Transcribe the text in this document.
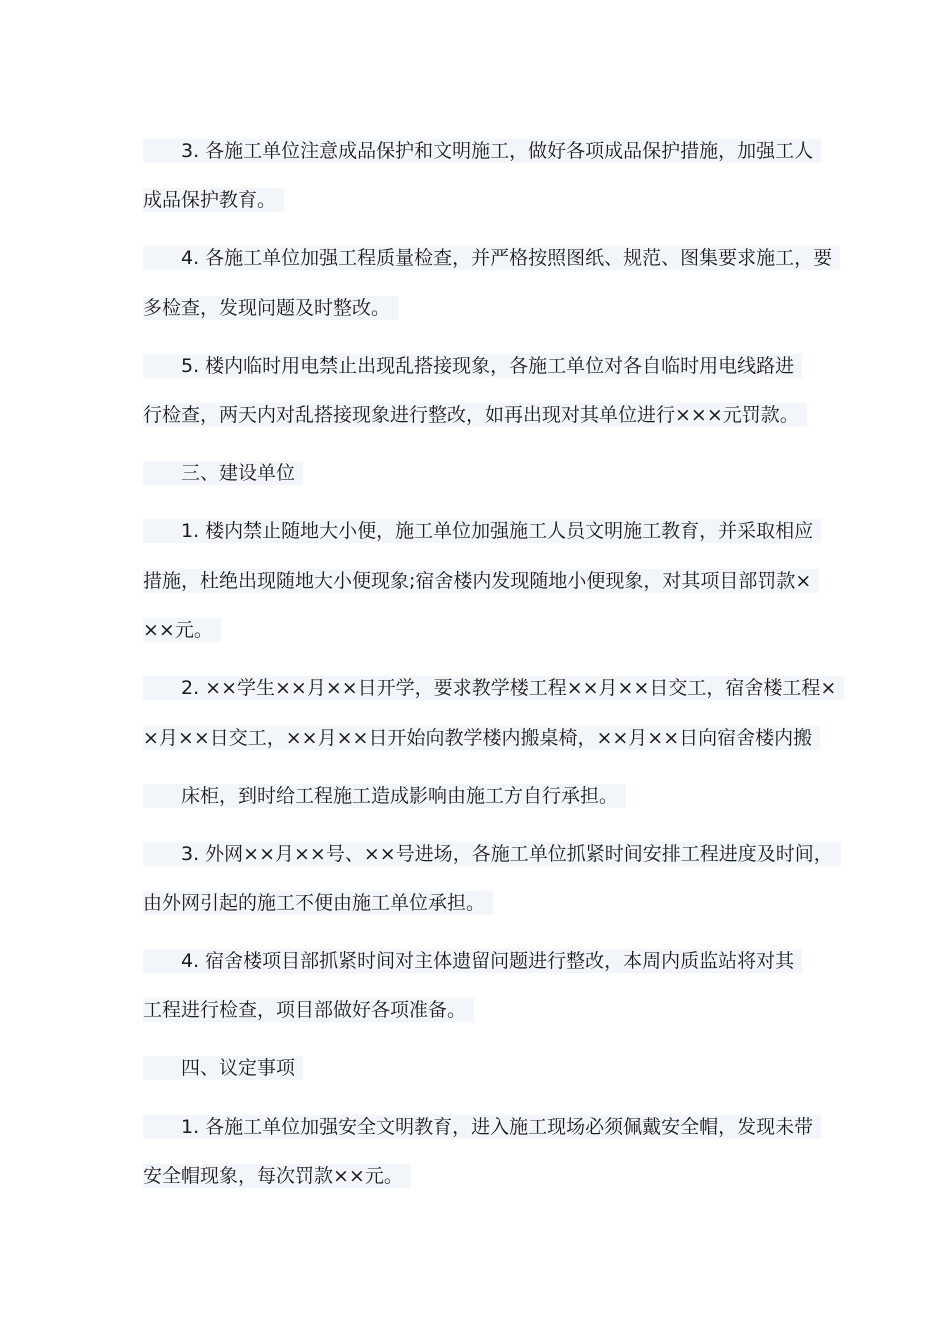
3. 各施工单位注意成品保护和文明施工，做好各项成品保护措施，加强工人
成品保护教育。
4. 各施工单位加强工程质量检查，并严格按照图纸、规范、图集要求施工，要
多检查，发现问题及时整改。
5. 楼内临时用电禁止出现乱搭接现象，各施工单位对各自临时用电线路进
行检查，两天内对乱搭接现象进行整改，如再出现对其单位进行×××元罚款。
三、建设单位
1. 楼内禁止随地大小便，施工单位加强施工人员文明施工教育，并采取相应
措施，杜绝出现随地大小便现象;宿舍楼内发现随地小便现象，对其项目部罚款×
××元。
2. ××学生××月××日开学，要求教学楼工程××月××日交工，宿舍楼工程×
×月××日交工，××月××日开始向教学楼内搬桌椅，××月××日向宿舍楼内搬
床柜，到时给工程施工造成影响由施工方自行承担。
3. 外网××月××号、××号进场，各施工单位抓紧时间安排工程进度及时间，
由外网引起的施工不便由施工单位承担。
4. 宿舍楼项目部抓紧时间对主体遗留问题进行整改，本周内质监站将对其
工程进行检查，项目部做好各项准备。
四、议定事项
1. 各施工单位加强安全文明教育，进入施工现场必须佩戴安全帽，发现未带
安全帽现象，每次罚款××元。
